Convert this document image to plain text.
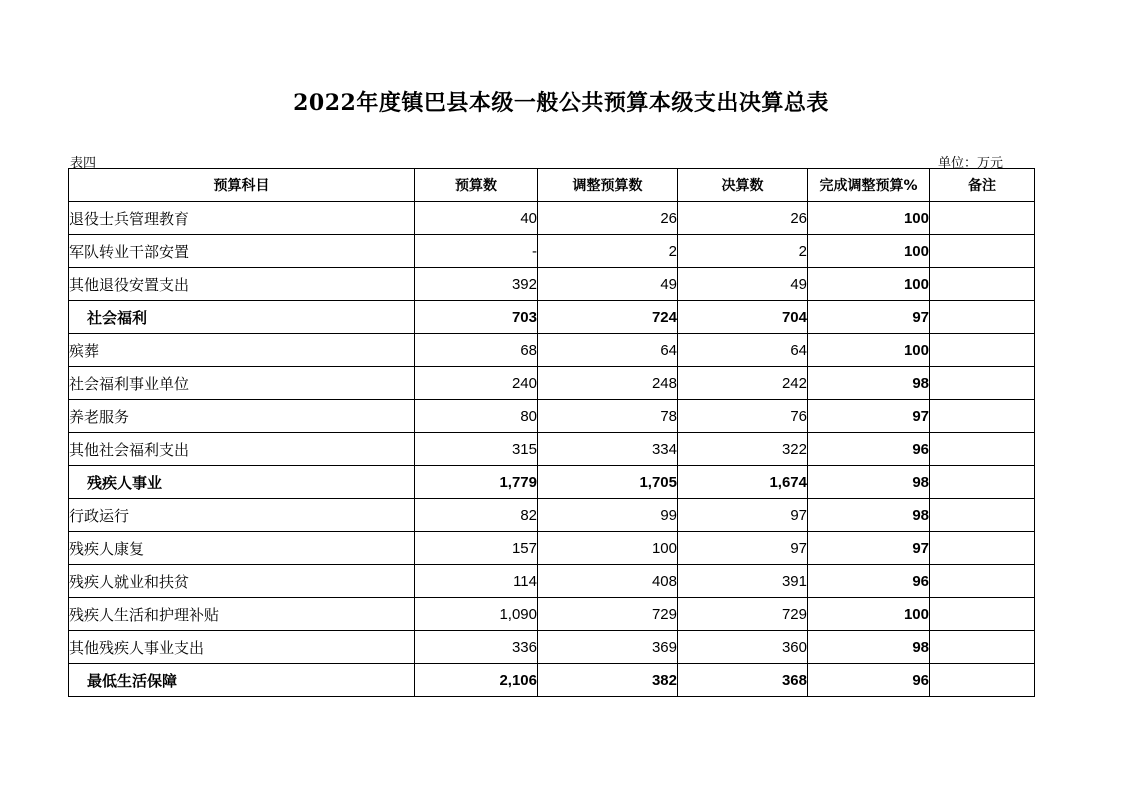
2022年度镇巴县本级一般公共预算本级支出决算总表
表四	单位：万元
预算科目	预算数	调整预算数	决算数	完成调整预算%	备注
退役士兵管理教育	40	26	26	100	
军队转业干部安置	-	2	2	100	
其他退役安置支出	392	49	49	100	
社会福利	703	724	704	97	
殡葬	68	64	64	100	
社会福利事业单位	240	248	242	98	
养老服务	80	78	76	97	
其他社会福利支出	315	334	322	96	
残疾人事业	1,779	1,705	1,674	98	
行政运行	82	99	97	98	
残疾人康复	157	100	97	97	
残疾人就业和扶贫	114	408	391	96	
残疾人生活和护理补贴	1,090	729	729	100	
其他残疾人事业支出	336	369	360	98	
最低生活保障	2,106	382	368	96	
